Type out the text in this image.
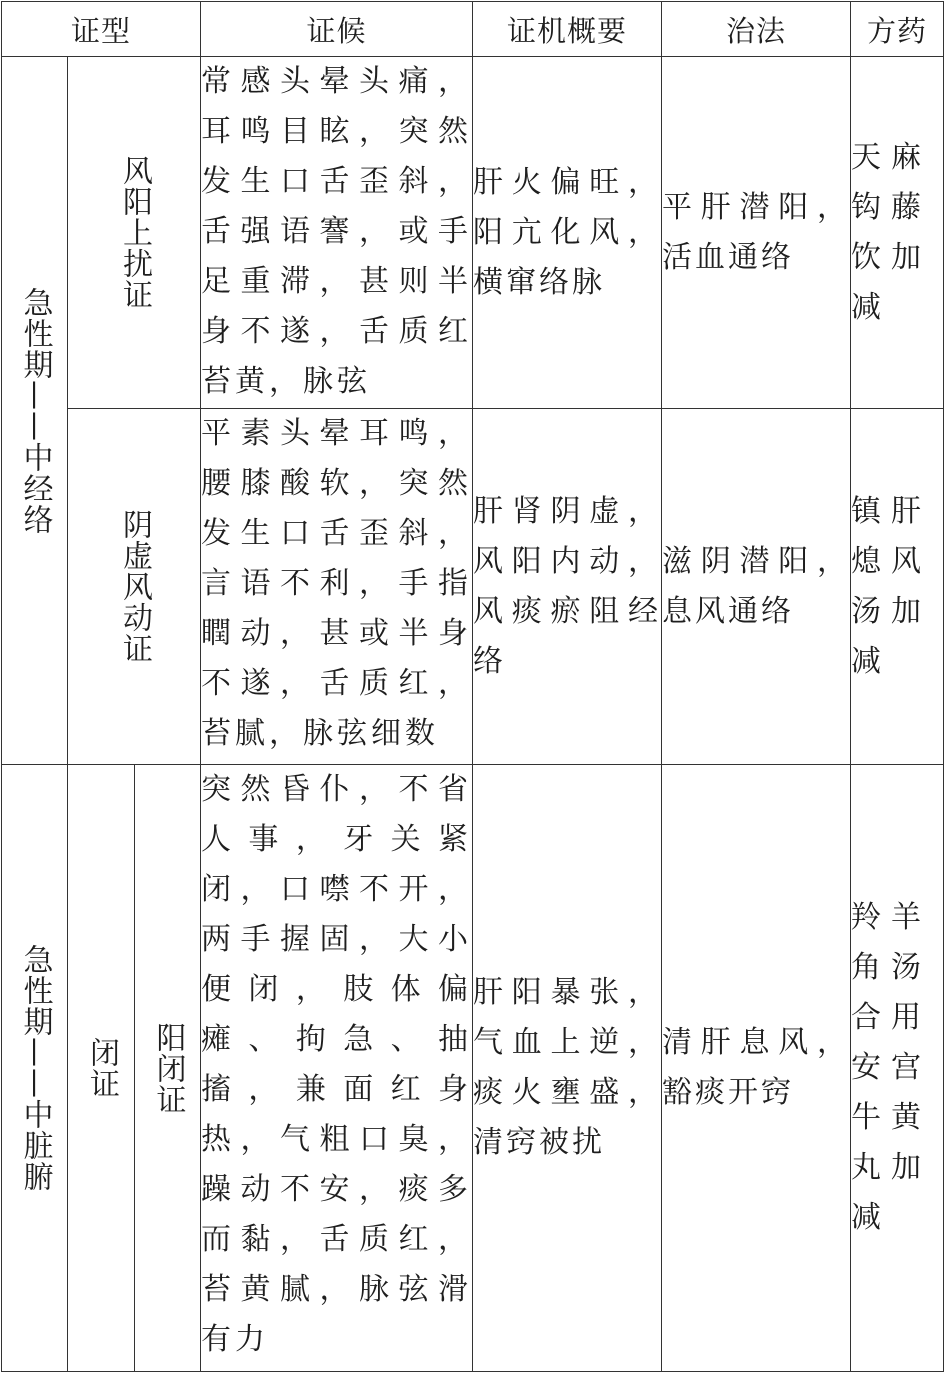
证型			证候	证机概要	治法	方药

急性期——中经络	风阳上扰证		常感头晕头痛，耳鸣目眩，突然发生口舌歪斜，舌强语謇，或手足重滞，甚则半身不遂，舌质红苔黄，脉弦	肝火偏旺，阳亢化风，横窜络脉	平肝潜阳，活血通络	天麻钩藤饮加减

	阴虚风动证		平素头晕耳鸣，腰膝酸软，突然发生口舌歪斜，言语不利，手指瞤动，甚或半身不遂，舌质红，苔腻，脉弦细数	肝肾阴虚，风阳内动，风痰瘀阻经络	滋阴潜阳，息风通络	镇肝熄风汤加减

急性期——中脏腑	闭证	阳闭证	突然昏仆，不省人事，牙关紧闭，口噤不开，两手握固，大小便闭，肢体偏瘫、拘急、抽搐，兼面红身热，气粗口臭，躁动不安，痰多而黏，舌质红，苔黄腻，脉弦滑有力	肝阳暴张，气血上逆，痰火壅盛，清窍被扰	清肝息风，豁痰开窍	羚羊角汤合用安宫牛黄丸加减
